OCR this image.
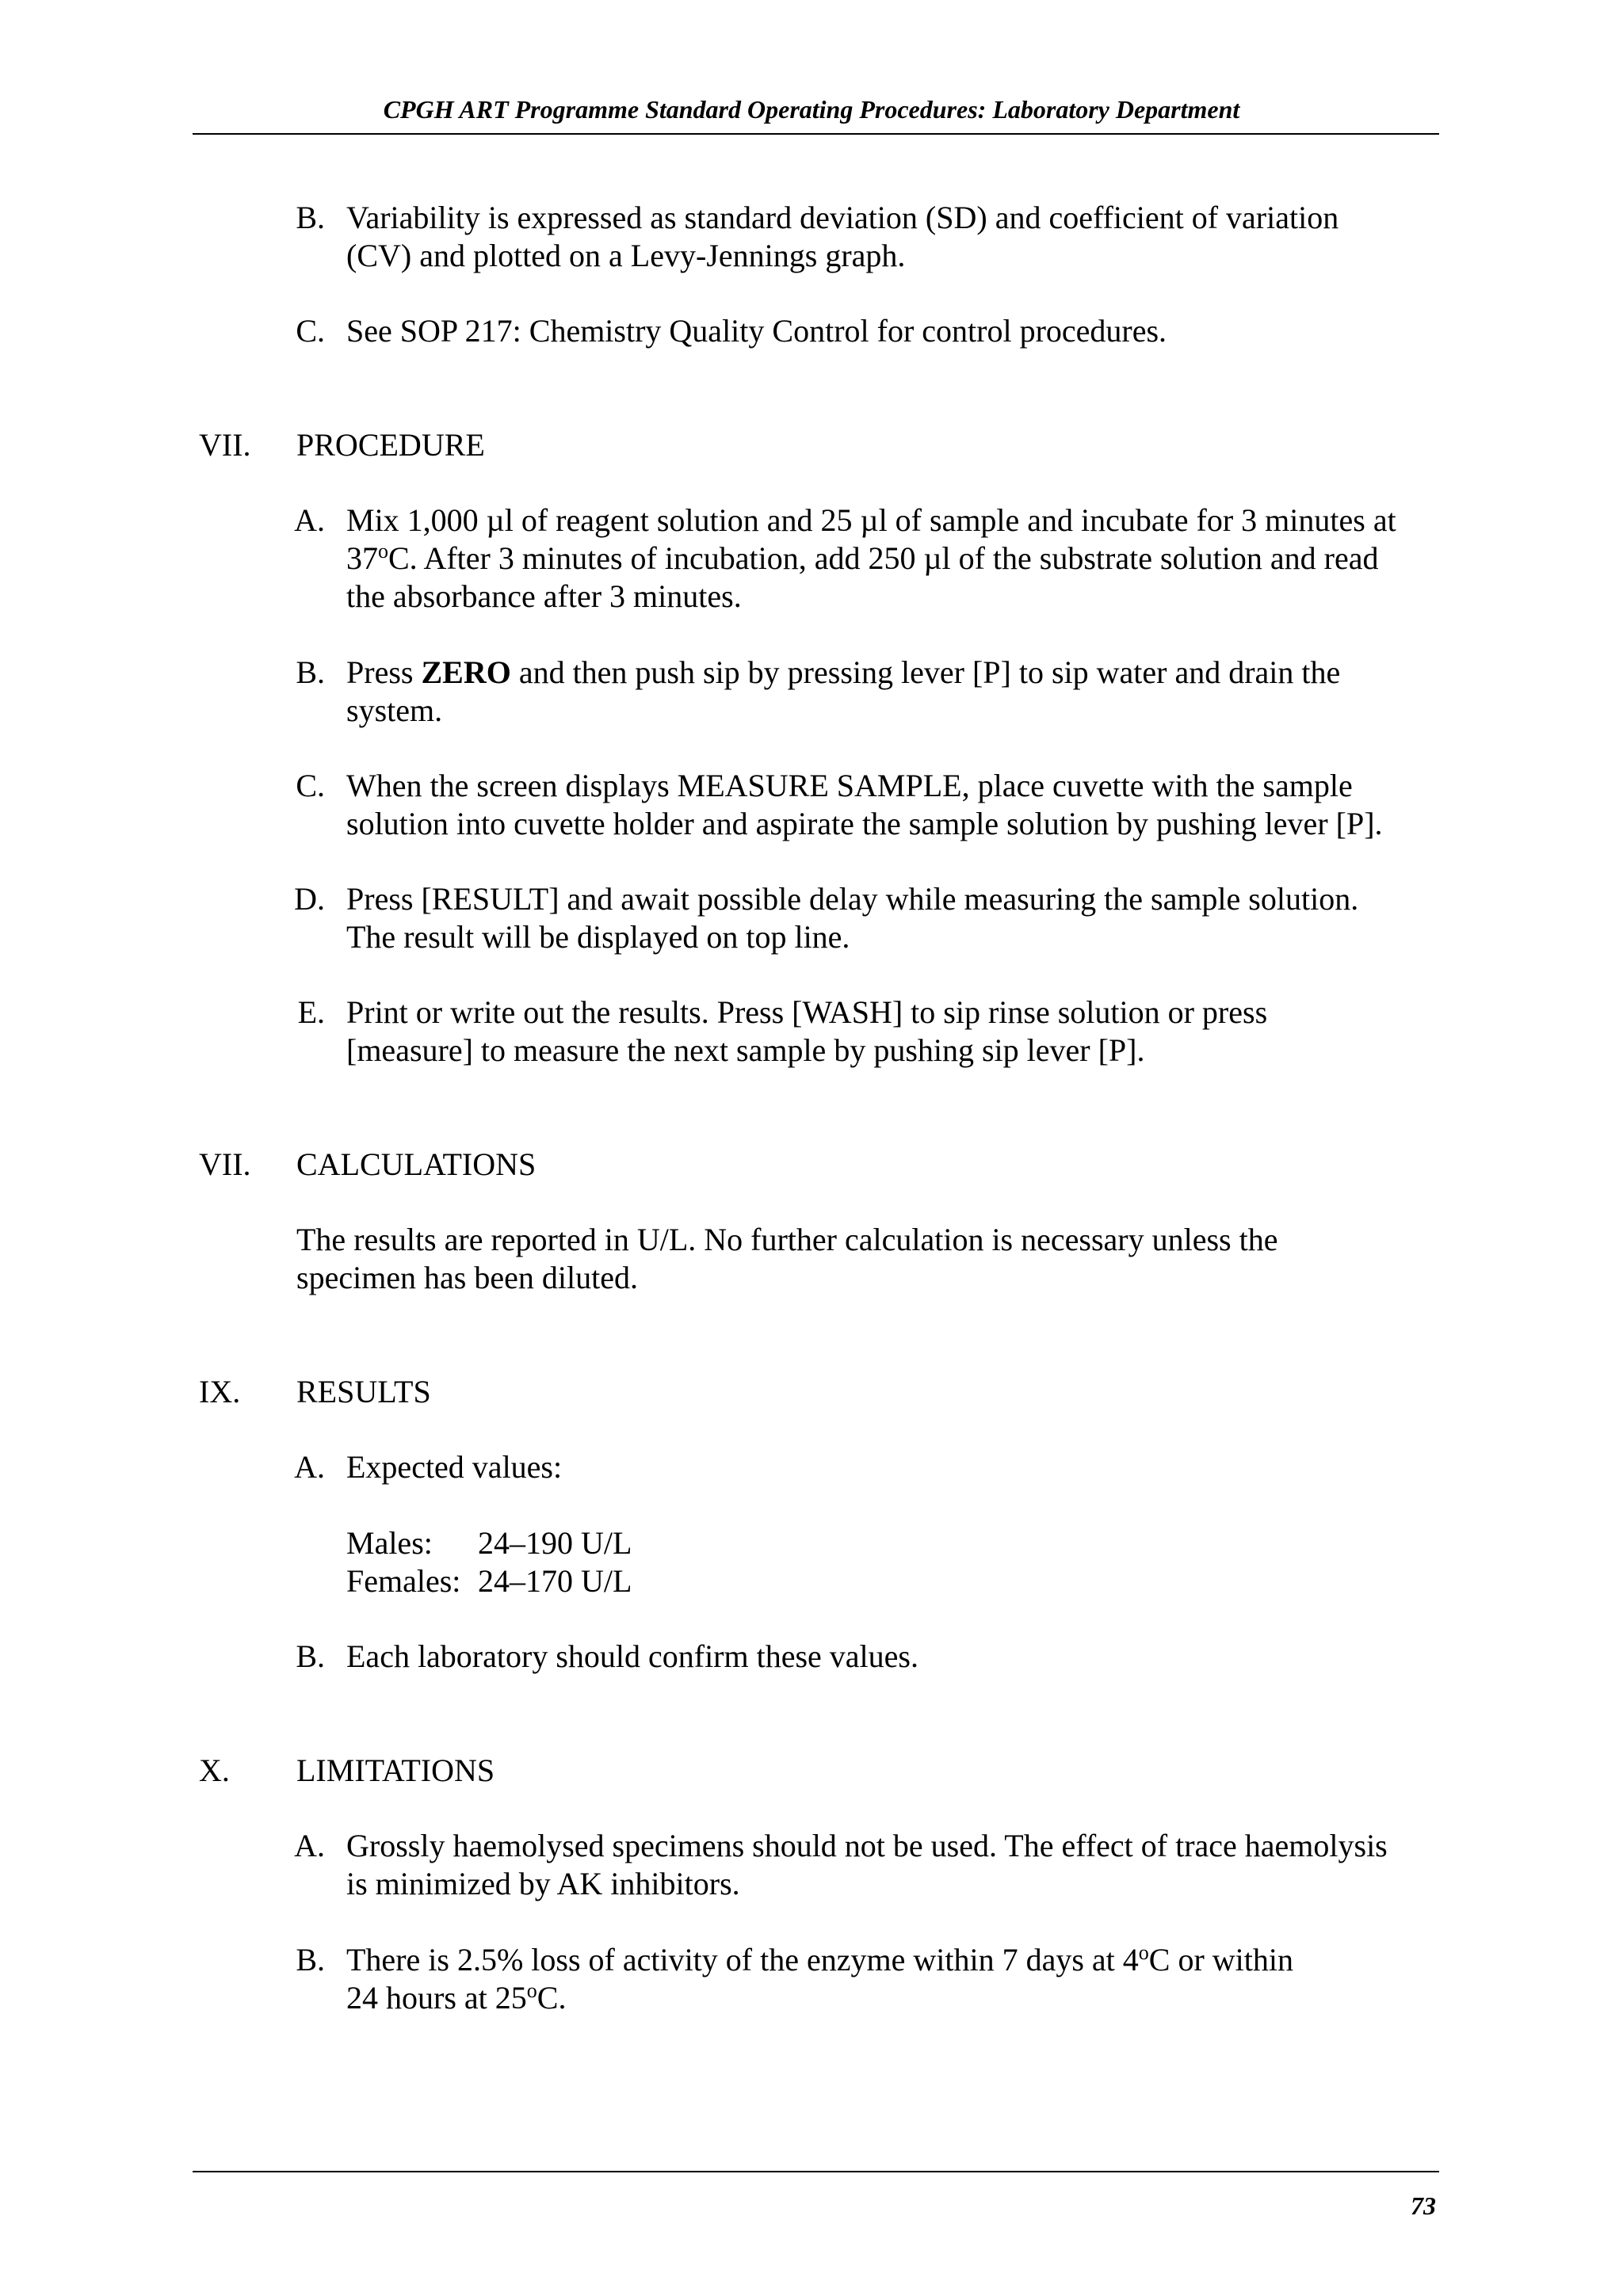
CPGH ART Programme Standard Operating Procedures: Laboratory Department
B. Variability is expressed as standard deviation (SD) and coefficient of variation
(CV) and plotted on a Levy-Jennings graph.
C. See SOP 217: Chemistry Quality Control for control procedures.
VII. PROCEDURE
A. Mix 1,000 µl of reagent solution and 25 µl of sample and incubate for 3 minutes at
37$^o$C. After 3 minutes of incubation, add 250 µl of the substrate solution and read
the absorbance after 3 minutes.
B. Press ZERO and then push sip by pressing lever [P] to sip water and drain the
system.
C. When the screen displays MEASURE SAMPLE, place cuvette with the sample
solution into cuvette holder and aspirate the sample solution by pushing lever [P].
D. Press [RESULT] and await possible delay while measuring the sample solution.
The result will be displayed on top line.
E. Print or write out the results. Press [WASH] to sip rinse solution or press
[measure] to measure the next sample by pushing sip lever [P].
VII. CALCULATIONS
The results are reported in U/L. No further calculation is necessary unless the
specimen has been diluted.
IX. RESULTS
A. Expected values:
Males: 24–190 U/L
Females: 24–170 U/L
B. Each laboratory should confirm these values.
X. LIMITATIONS
A. Grossly haemolysed specimens should not be used. The effect of trace haemolysis
is minimized by AK inhibitors.
B. There is 2.5% loss of activity of the enzyme within 7 days at 4$^o$C or within
24 hours at 25$^o$C.
73
